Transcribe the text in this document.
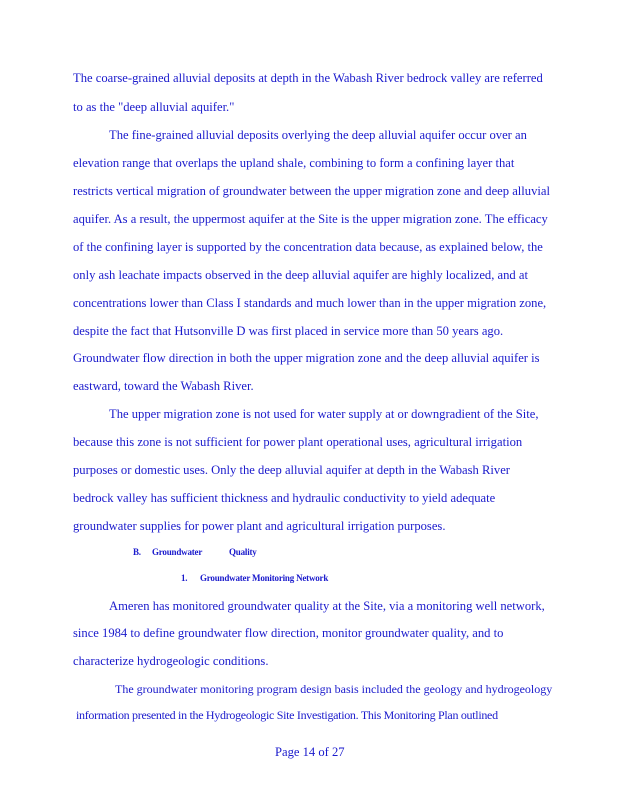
The coarse-grained alluvial deposits at depth in the Wabash River bedrock valley are referred
to as the "deep alluvial aquifer."
The fine-grained alluvial deposits overlying the deep alluvial aquifer occur over an
elevation range that overlaps the upland shale, combining to form a confining layer that
restricts vertical migration of groundwater between the upper migration zone and deep alluvial
aquifer. As a result, the uppermost aquifer at the Site is the upper migration zone. The efficacy
of the confining layer is supported by the concentration data because, as explained below, the
only ash leachate impacts observed in the deep alluvial aquifer are highly localized, and at
concentrations lower than Class I standards and much lower than in the upper migration zone,
despite the fact that Hutsonville D was first placed in service more than 50 years ago.
Groundwater flow direction in both the upper migration zone and the deep alluvial aquifer is
eastward, toward the Wabash River.
The upper migration zone is not used for water supply at or downgradient of the Site,
because this zone is not sufficient for power plant operational uses, agricultural irrigation
purposes or domestic uses. Only the deep alluvial aquifer at depth in the Wabash River
bedrock valley has sufficient thickness and hydraulic conductivity to yield adequate
groundwater supplies for power plant and agricultural irrigation purposes.
B. Groundwater	Quality
1. Groundwater Monitoring Network
Ameren has monitored groundwater quality at the Site, via a monitoring well network,
since 1984 to define groundwater flow direction, monitor groundwater quality, and to
characterize hydrogeologic conditions.
The groundwater monitoring program design basis included the geology and hydrogeology
information presented in the Hydrogeologic Site Investigation. This Monitoring Plan outlined
Page 14 of 27
